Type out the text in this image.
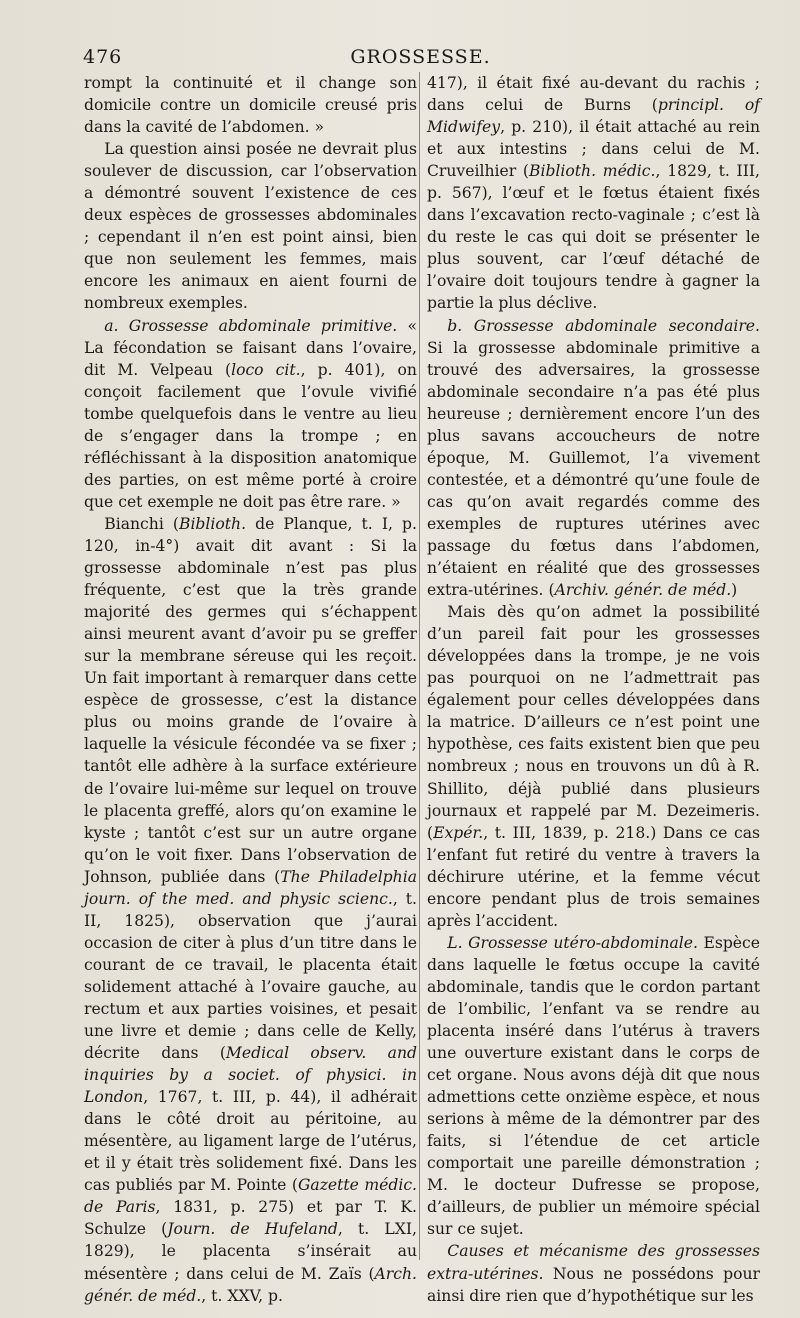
476	GROSSESSE.

rompt la continuité et il change son domicile contre un domicile creusé pris dans la cavité de l’abdomen. »

La question ainsi posée ne devrait plus soulever de discussion, car l’observation a démontré souvent l’existence de ces deux espèces de grossesses abdominales ; cependant il n’en est point ainsi, bien que non seulement les femmes, mais encore les animaux en aient fourni de nombreux exemples.

a. Grossesse abdominale primitive. « La fécondation se faisant dans l’ovaire, dit M. Velpeau (loco cit., p. 401), on conçoit facilement que l’ovule vivifié tombe quelquefois dans le ventre au lieu de s’engager dans la trompe ; en réfléchissant à la disposition anatomique des parties, on est même porté à croire que cet exemple ne doit pas être rare. »

Bianchi (Biblioth. de Planque, t. I, p. 120, in-4°) avait dit avant : Si la grossesse abdominale n’est pas plus fréquente, c’est que la très grande majorité des germes qui s’échappent ainsi meurent avant d’avoir pu se greffer sur la membrane séreuse qui les reçoit. Un fait important à remarquer dans cette espèce de grossesse, c’est la distance plus ou moins grande de l’ovaire à laquelle la vésicule fécondée va se fixer ; tantôt elle adhère à la surface extérieure de l’ovaire lui-même sur lequel on trouve le placenta greffé, alors qu’on examine le kyste ; tantôt c’est sur un autre organe qu’on le voit fixer. Dans l’observation de Johnson, publiée dans (The Philadelphia journ. of the med. and physic scienc., t. II, 1825), observation que j’aurai occasion de citer à plus d’un titre dans le courant de ce travail, le placenta était solidement attaché à l’ovaire gauche, au rectum et aux parties voisines, et pesait une livre et demie ; dans celle de Kelly, décrite dans (Medical observ. and inquiries by a societ. of physici. in London, 1767, t. III, p. 44), il adhérait dans le côté droit au péritoine, au mésentère, au ligament large de l’utérus, et il y était très solidement fixé. Dans les cas publiés par M. Pointe (Gazette médic. de Paris, 1831, p. 275) et par T. K. Schulze (Journ. de Hufeland, t. LXI, 1829), le placenta s’insérait au mésentère ; dans celui de M. Zaïs (Arch. génér. de méd., t. XXV, p.

417), il était fixé au-devant du rachis ; dans celui de Burns (principl. of Midwifey, p. 210), il était attaché au rein et aux intestins ; dans celui de M. Cruveilhier (Biblioth. médic., 1829, t. III, p. 567), l’œuf et le fœtus étaient fixés dans l’excavation recto-vaginale ; c’est là du reste le cas qui doit se présenter le plus souvent, car l’œuf détaché de l’ovaire doit toujours tendre à gagner la partie la plus déclive.

b. Grossesse abdominale secondaire. Si la grossesse abdominale primitive a trouvé des adversaires, la grossesse abdominale secondaire n’a pas été plus heureuse ; dernièrement encore l’un des plus savans accoucheurs de notre époque, M. Guillemot, l’a vivement contestée, et a démontré qu’une foule de cas qu’on avait regardés comme des exemples de ruptures utérines avec passage du fœtus dans l’abdomen, n’étaient en réalité que des grossesses extra-utérines. (Archiv. génér. de méd.)

Mais dès qu’on admet la possibilité d’un pareil fait pour les grossesses développées dans la trompe, je ne vois pas pourquoi on ne l’admettrait pas également pour celles développées dans la matrice. D’ailleurs ce n’est point une hypothèse, ces faits existent bien que peu nombreux ; nous en trouvons un dû à R. Shillito, déjà publié dans plusieurs journaux et rappelé par M. Dezeimeris. (Expér., t. III, 1839, p. 218.) Dans ce cas l’enfant fut retiré du ventre à travers la déchirure utérine, et la femme vécut encore pendant plus de trois semaines après l’accident.

L. Grossesse utéro-abdominale. Espèce dans laquelle le fœtus occupe la cavité abdominale, tandis que le cordon partant de l’ombilic, l’enfant va se rendre au placenta inséré dans l’utérus à travers une ouverture existant dans le corps de cet organe. Nous avons déjà dit que nous admettions cette onzième espèce, et nous serions à même de la démontrer par des faits, si l’étendue de cet article comportait une pareille démonstration ; M. le docteur Dufresse se propose, d’ailleurs, de publier un mémoire spécial sur ce sujet.

Causes et mécanisme des grossesses extra-utérines. Nous ne possédons pour ainsi dire rien que d’hypothétique sur les
